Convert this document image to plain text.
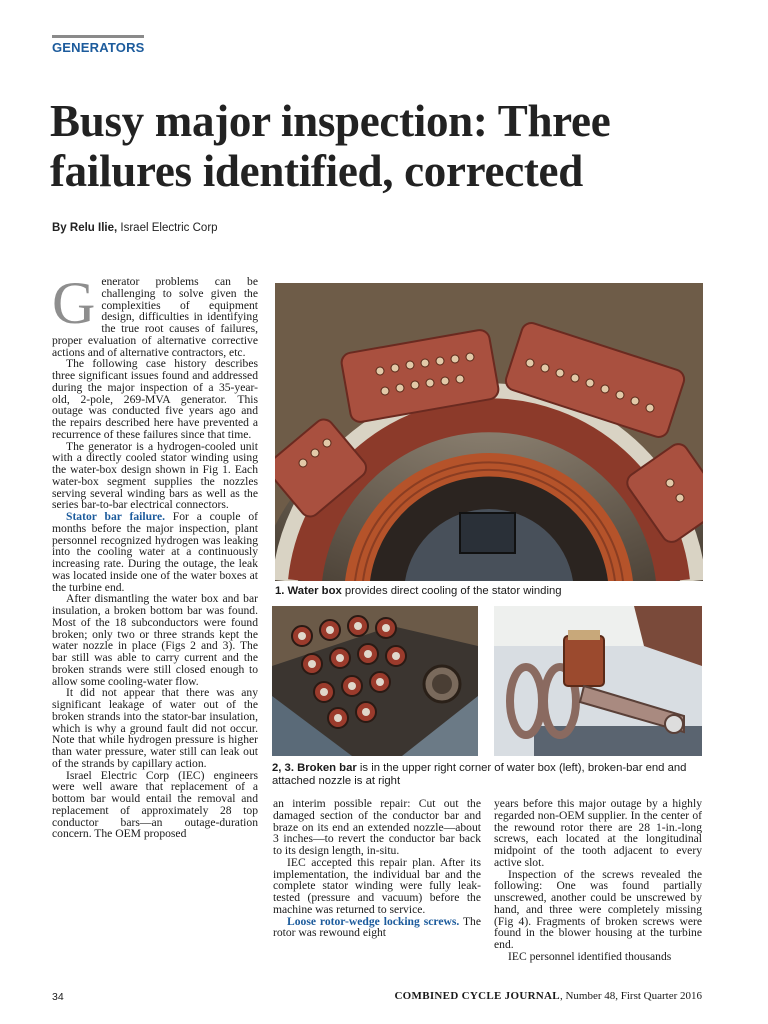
GENERATORS
Busy major inspection: Three
failures identified, corrected
By Relu Ilie, Israel Electric Corp

Generator problems can be challenging to solve given the complexities of equipment design, difficulties in identifying the true root causes of failures, proper evaluation of alternative corrective actions and of alternative contractors, etc.

The following case history describes three significant issues found and addressed during the major inspection of a 35-year-old, 2-pole, 269-MVA generator. This outage was conducted five years ago and the repairs described here have prevented a recurrence of these failures since that time.

The generator is a hydrogen-cooled unit with a directly cooled stator winding using the water-box design shown in Fig 1. Each water-box segment supplies the nozzles serving several winding bars as well as the series bar-to-bar electrical connectors.

Stator bar failure. For a couple of months before the major inspection, plant personnel recognized hydrogen was leaking into the cooling water at a continuously increasing rate. During the outage, the leak was located inside one of the water boxes at the turbine end.

After dismantling the water box and bar insulation, a broken bottom bar was found. Most of the 18 subconductors were found broken; only two or three strands kept the water nozzle in place (Figs 2 and 3). The bar still was able to carry current and the broken strands were still closed enough to allow some cooling-water flow.

It did not appear that there was any significant leakage of water out of the broken strands into the stator-bar insulation, which is why a ground fault did not occur. Note that while hydrogen pressure is higher than water pressure, water still can leak out of the strands by capillary action.

Israel Electric Corp (IEC) engineers were well aware that replacement of a bottom bar would entail the removal and replacement of approximately 28 top conductor bars—an outage-duration concern. The OEM proposed

an interim possible repair: Cut out the damaged section of the conductor bar and braze on its end an extended nozzle—about 3 inches—to revert the conductor bar back to its design length, in-situ.

IEC accepted this repair plan. After its implementation, the individual bar and the complete stator winding were fully leak-tested (pressure and vacuum) before the machine was returned to service.

Loose rotor-wedge locking screws. The rotor was rewound eight

years before this major outage by a highly regarded non-OEM supplier. In the center of the rewound rotor there are 28 1-in.-long screws, each located at the longitudinal midpoint of the tooth adjacent to every active slot.

Inspection of the screws revealed the following: One was found partially unscrewed, another could be unscrewed by hand, and three were completely missing (Fig 4). Fragments of broken screws were found in the blower housing at the turbine end.

IEC personnel identified thousands

1. Water box provides direct cooling of the stator winding
2, 3. Broken bar is in the upper right corner of water box (left), broken-bar end and attached nozzle is at right
34	COMBINED CYCLE JOURNAL, Number 48, First Quarter 2016
